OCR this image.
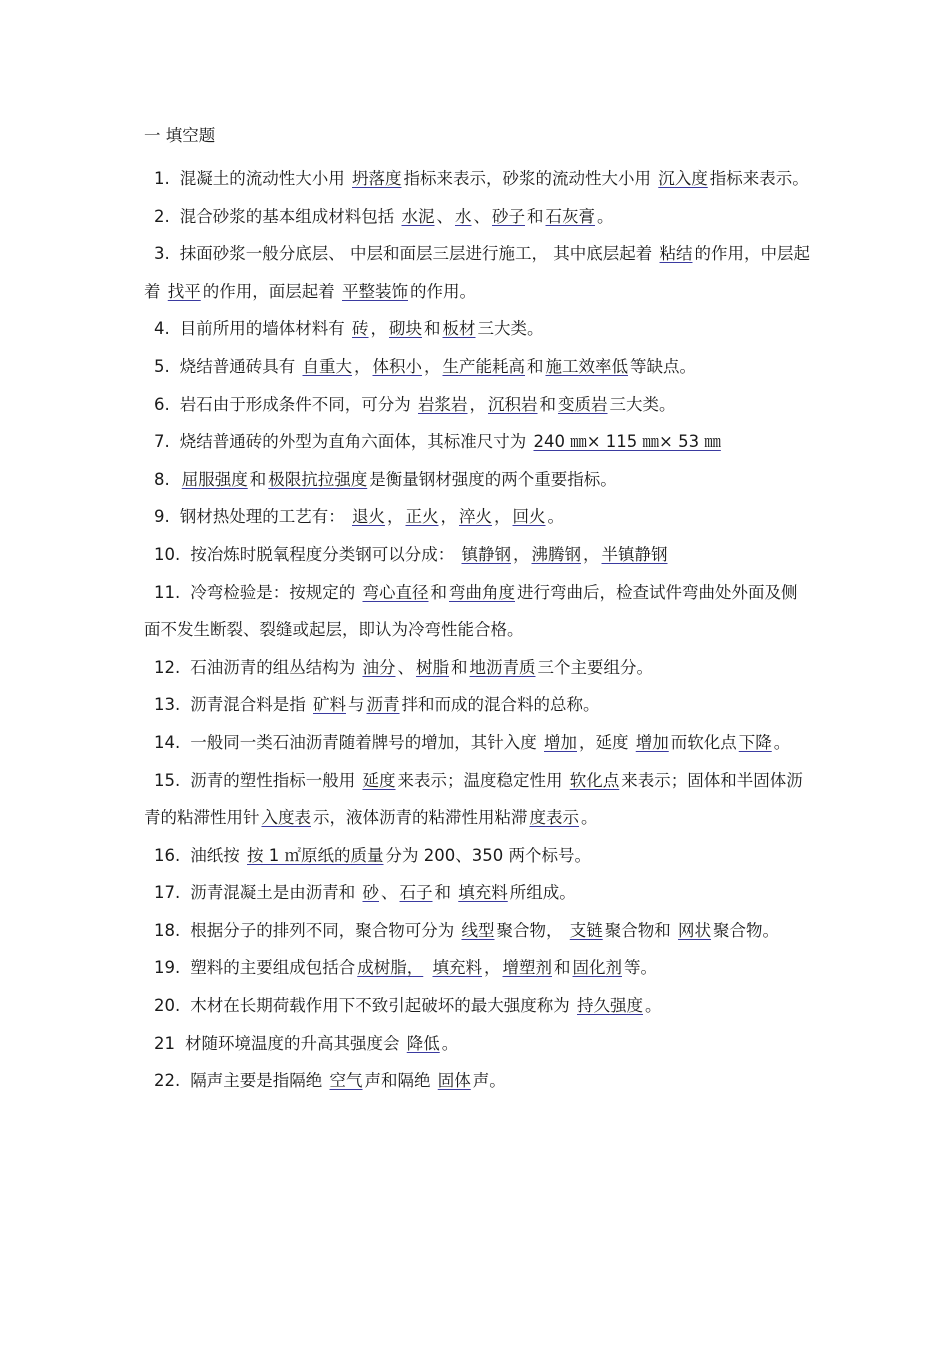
一 填空题
1. 混凝土的流动性大小用 坍落度 指标来表示，砂浆的流动性大小用 沉入度 指标来表示。
2. 混合砂浆的基本组成材料包括 水泥 、 水 、 砂子 和 石灰膏 。
3. 抹面砂浆一般分底层、 中层和面层三层进行施工， 其中底层起着 粘结 的作用，中层起着 找平 的作用，面层起着 平整装饰 的作用。
4. 目前所用的墙体材料有 砖 ， 砌块 和 板材 三大类。
5. 烧结普通砖具有 自重大 ， 体积小 ， 生产能耗高 和 施工效率低 等缺点。
6. 岩石由于形成条件不同，可分为 岩浆岩 ， 沉积岩 和 变质岩 三大类。
7. 烧结普通砖的外型为直角六面体，其标准尺寸为 240 ㎜× 115 ㎜× 53 ㎜
8. 屈服强度 和 极限抗拉强度 是衡量钢材强度的两个重要指标。
9. 钢材热处理的工艺有： 退火 ， 正火 ， 淬火 ， 回火 。
10. 按冶炼时脱氧程度分类钢可以分成： 镇静钢 ， 沸腾钢 ， 半镇静钢
11. 冷弯检验是：按规定的 弯心直径 和 弯曲角度 进行弯曲后，检查试件弯曲处外面及侧面不发生断裂、裂缝或起层，即认为冷弯性能合格。
12. 石油沥青的组丛结构为 油分 、 树脂 和 地沥青质 三个主要组分。
13. 沥青混合料是指 矿料 与 沥青 拌和而成的混合料的总称。
14. 一般同一类石油沥青随着牌号的增加，其针入度 增加 ，延度 增加 而软化点 下降 。
15. 沥青的塑性指标一般用 延度 来表示；温度稳定性用 软化点 来表示；固体和半固体沥青的粘滞性用针 入度表 示，液体沥青的粘滞性用粘滞 度表示 。
16. 油纸按 按 1 ㎡原纸的质量 分为 200、350 两个标号。
17. 沥青混凝土是由沥青和 砂 、 石子 和 填充料 所组成。
18. 根据分子的排列不同，聚合物可分为 线型 聚合物， 支链 聚合物和 网状 聚合物。
19. 塑料的主要组成包括合 成树脂， 填充料 ， 增塑剂 和 固化剂 等。
20. 木材在长期荷载作用下不致引起破坏的最大强度称为 持久强度 。
21 材随环境温度的升高其强度会 降低 。
22. 隔声主要是指隔绝 空气 声和隔绝 固体 声。
